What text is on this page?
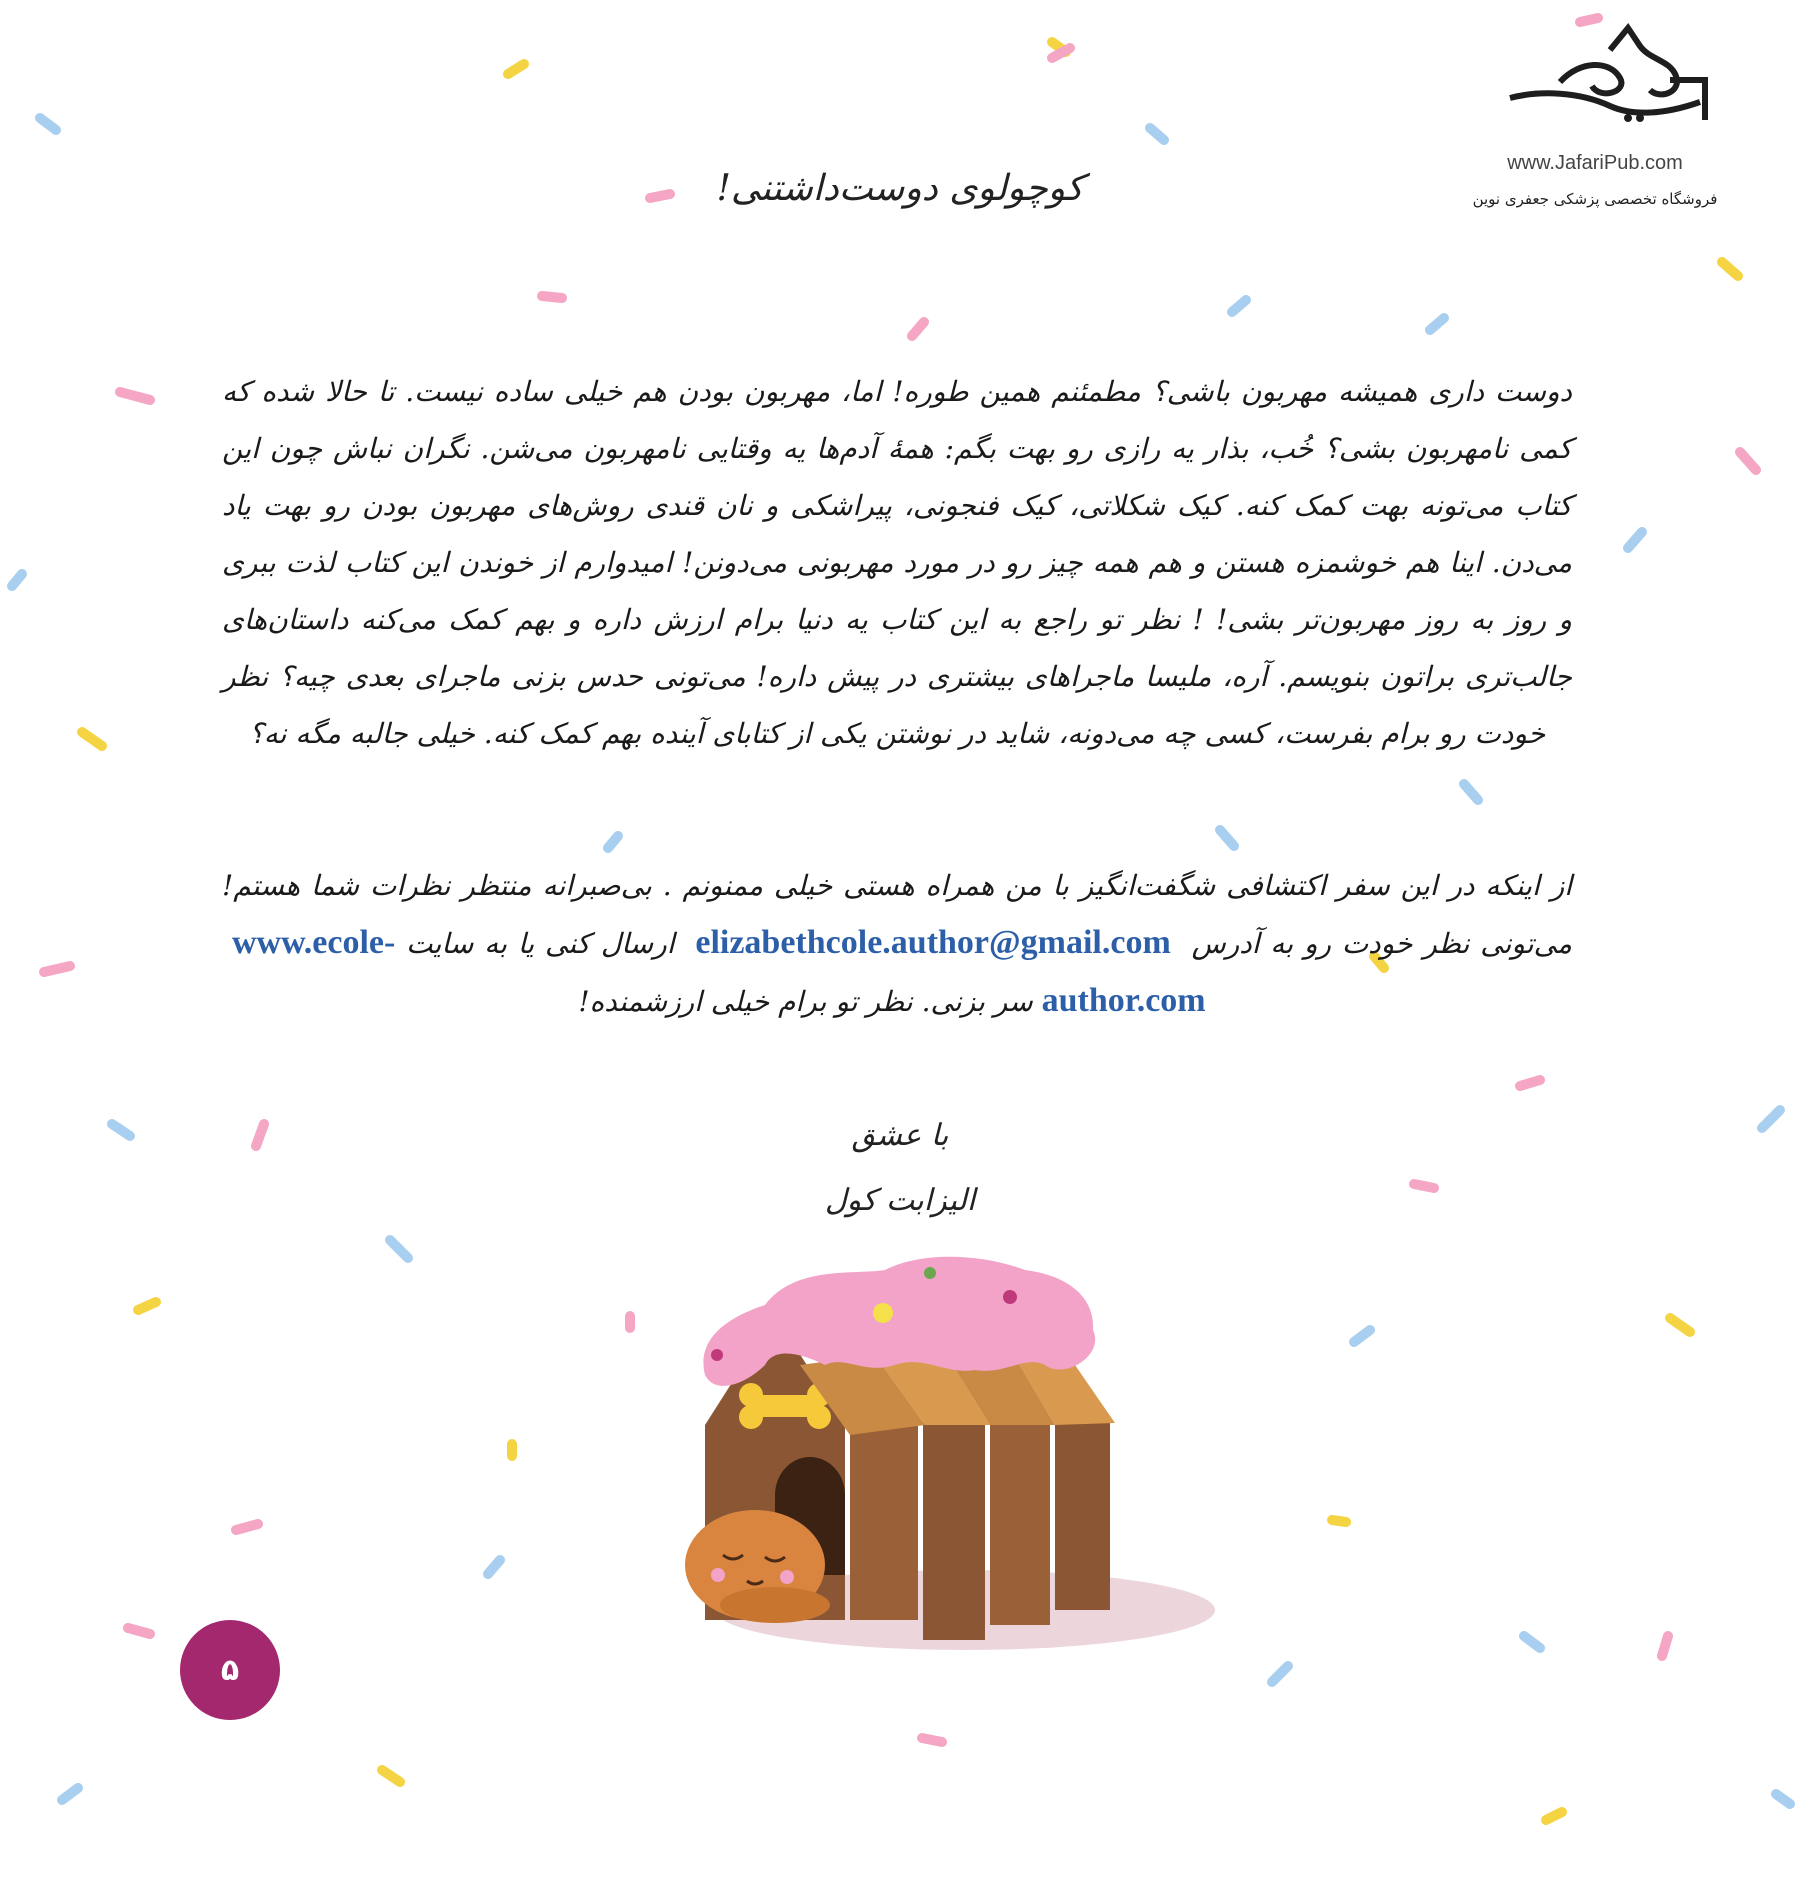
www.JafariPub.com
فروشگاه تخصصی پزشکی جعفری نوین
کوچولوی دوست‌داشتنی!
دوست داری همیشه مهربون باشی؟ مطمئنم همین طوره! اما، مهربون بودن هم خیلی ساده نیست. تا حالا شده که کمی نامهربون بشی؟ خُب، بذار یه رازی رو بهت بگم: همهٔ آدم‌ها یه وقتایی نامهربون می‌شن. نگران نباش چون این کتاب می‌تونه بهت کمک کنه. کیک شکلاتی، کیک فنجونی، پیراشکی و نان قندی روش‌های مهربون بودن رو بهت یاد می‌دن. اینا هم خوشمزه هستن و هم همه چیز رو در مورد مهربونی می‌دونن! امیدوارم از خوندن این کتاب لذت ببری و روز به روز مهربون‌تر بشی! ! نظر تو راجع به این کتاب یه دنیا برام ارزش داره و بهم کمک می‌کنه داستان‌های جالب‌تری براتون بنویسم. آره، ملیسا ماجراهای بیشتری در پیش داره! می‌تونی حدس بزنی ماجرای بعدی چیه؟ نظر خودت رو برام بفرست، کسی چه می‌دونه، شاید در نوشتن یکی از کتابای آینده بهم کمک کنه. خیلی جالبه مگه نه؟
از اینکه در این سفر اکتشافی شگفت‌انگیز با من همراه هستی خیلی ممنونم . بی‌صبرانه منتظر نظرات شما هستم! می‌تونی نظر خودت رو به آدرس elizabethcole.author@gmail.com ارسال کنی یا به سایت www.ecole-author.com سر بزنی. نظر تو برام خیلی ارزشمنده!
با عشق
الیزابت کول
۵
